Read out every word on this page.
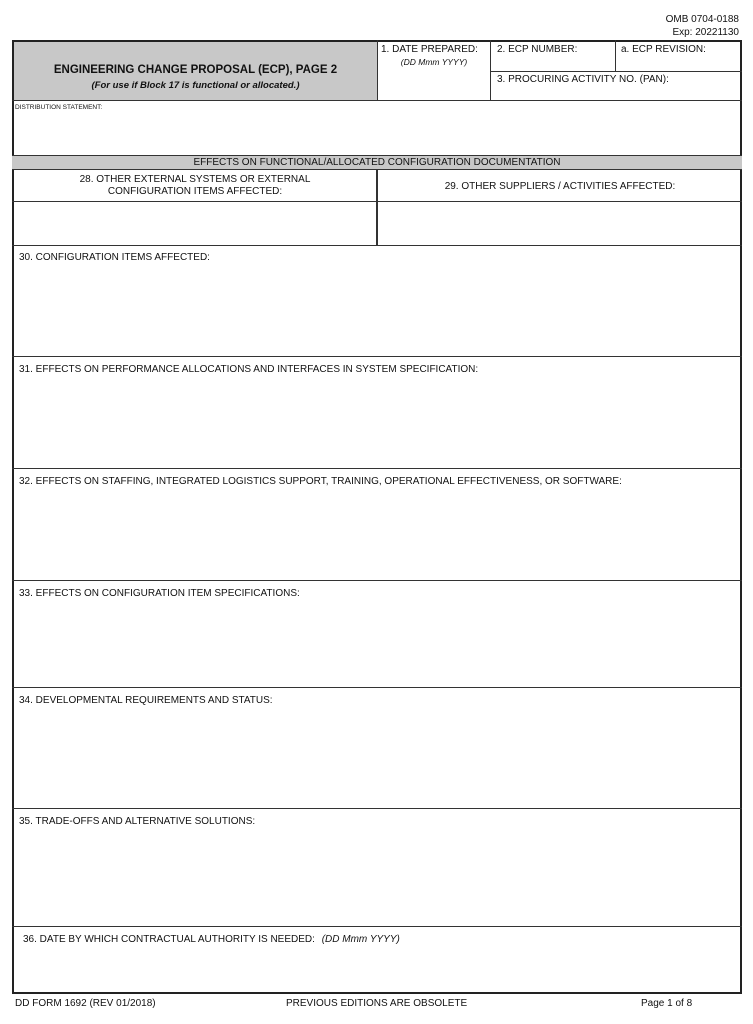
OMB 0704-0188
Exp: 20221130
ENGINEERING CHANGE PROPOSAL (ECP), PAGE 2
(For use if Block 17 is functional or allocated.)
1. DATE PREPARED:
(DD Mmm YYYY)
2. ECP NUMBER:	a. ECP REVISION:
3. PROCURING ACTIVITY NO. (PAN):
DISTRIBUTION STATEMENT:
EFFECTS ON FUNCTIONAL/ALLOCATED CONFIGURATION DOCUMENTATION
28. OTHER EXTERNAL SYSTEMS OR EXTERNAL
CONFIGURATION ITEMS AFFECTED:	29. OTHER SUPPLIERS / ACTIVITIES AFFECTED:
30. CONFIGURATION ITEMS AFFECTED:
31. EFFECTS ON PERFORMANCE ALLOCATIONS AND INTERFACES IN SYSTEM SPECIFICATION:
32. EFFECTS ON STAFFING, INTEGRATED LOGISTICS SUPPORT, TRAINING, OPERATIONAL EFFECTIVENESS, OR SOFTWARE:
33. EFFECTS ON CONFIGURATION ITEM SPECIFICATIONS:
34. DEVELOPMENTAL REQUIREMENTS AND STATUS:
35. TRADE-OFFS AND ALTERNATIVE SOLUTIONS:
36. DATE BY WHICH CONTRACTUAL AUTHORITY IS NEEDED: (DD Mmm YYYY)
DD FORM 1692 (REV 01/2018)	PREVIOUS EDITIONS ARE OBSOLETE	Page 1 of 8
